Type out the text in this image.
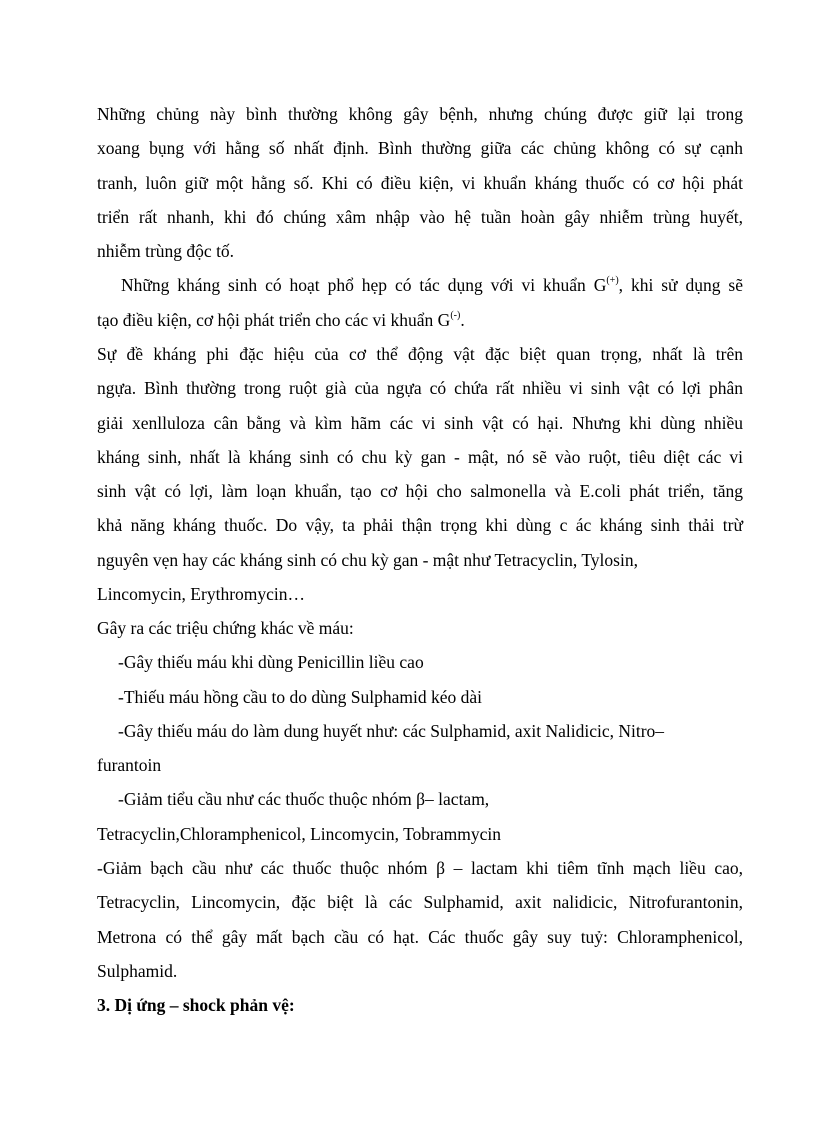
Những chủng này bình thường không gây bệnh, nhưng chúng được giữ lại trong
xoang bụng với hằng số nhất định. Bình thường giữa các chủng không có sự cạnh
tranh, luôn giữ một hằng số. Khi có điều kiện, vi khuẩn kháng thuốc có cơ hội phát
triển rất nhanh, khi đó chúng xâm nhập vào hệ tuần hoàn gây nhiễm trùng huyết,
nhiễm trùng độc tố.
Những kháng sinh có hoạt phổ hẹp có tác dụng với vi khuẩn G(+), khi sử dụng sẽ
tạo điều kiện, cơ hội phát triển cho các vi khuẩn G(-).
Sự đề kháng phi đặc hiệu của cơ thể động vật đặc biệt quan trọng, nhất là trên
ngựa. Bình thường trong ruột già của ngựa có chứa rất nhiều vi sinh vật có lợi phân
giải xenlluloza cân bằng và kìm hãm các vi sinh vật có hại. Nhưng khi dùng nhiều
kháng sinh, nhất là kháng sinh có chu kỳ gan - mật, nó sẽ vào ruột, tiêu diệt các vi
sinh vật có lợi, làm loạn khuẩn, tạo cơ hội cho salmonella và E.coli phát triển, tăng
khả năng kháng thuốc. Do vậy, ta phải thận trọng khi dùng c ác kháng sinh thải trừ
nguyên vẹn hay các kháng sinh có chu kỳ gan - mật như Tetracyclin, Tylosin,
Lincomycin, Erythromycin…
Gây ra các triệu chứng khác về máu:
-Gây thiếu máu khi dùng Penicillin liều cao
-Thiếu máu hồng cầu to do dùng Sulphamid kéo dài
-Gây thiếu máu do làm dung huyết như: các Sulphamid, axit Nalidicic, Nitro–
furantoin
-Giảm tiểu cầu như các thuốc thuộc nhóm β– lactam,
Tetracyclin,Chloramphenicol, Lincomycin, Tobrammycin
-Giảm bạch cầu như các thuốc thuộc nhóm β – lactam khi tiêm tĩnh mạch liều cao,
Tetracyclin, Lincomycin, đặc biệt là các Sulphamid, axit nalidicic, Nitrofurantonin,
Metrona có thể gây mất bạch cầu có hạt. Các thuốc gây suy tuỷ: Chloramphenicol,
Sulphamid.
3. Dị ứng – shock phản vệ:
